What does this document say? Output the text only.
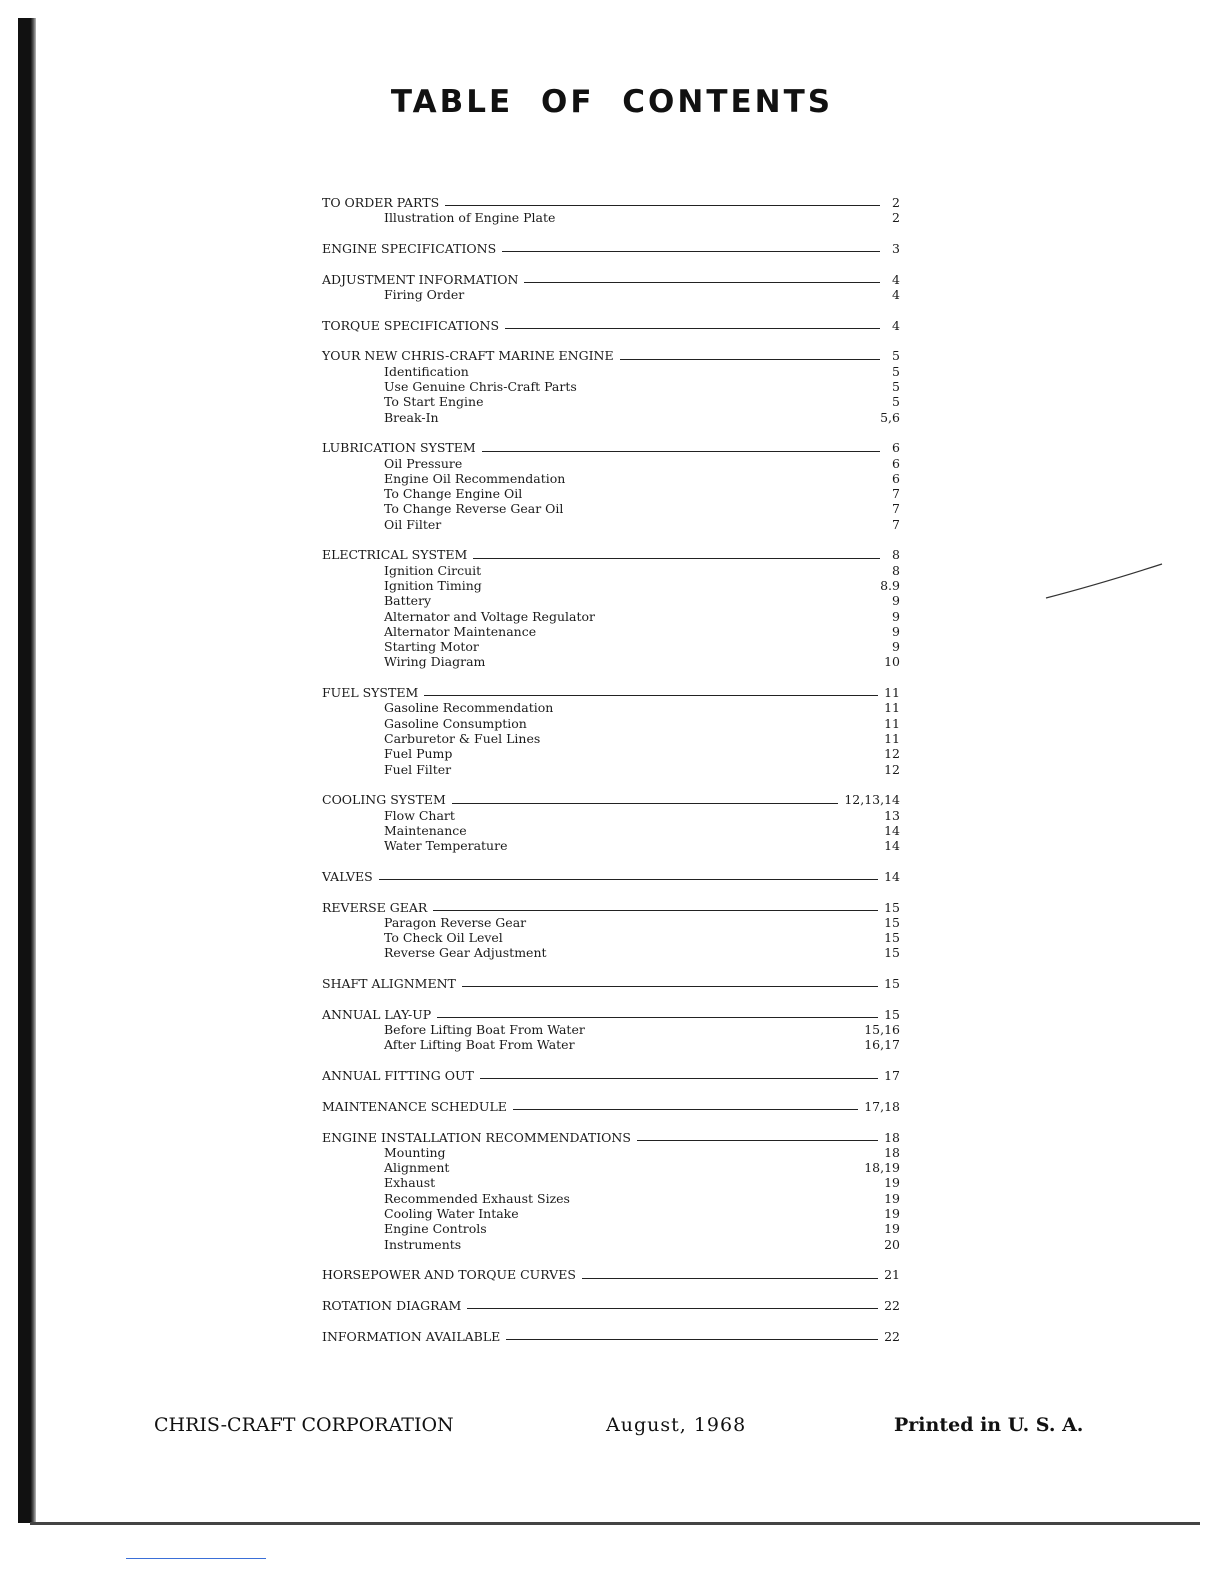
TABLE OF CONTENTS
TO ORDER PARTS	2
Illustration of Engine Plate	2
ENGINE SPECIFICATIONS	3
ADJUSTMENT INFORMATION	4
Firing Order	4
TORQUE SPECIFICATIONS	4
YOUR NEW CHRIS-CRAFT MARINE ENGINE	5
Identification	5
Use Genuine Chris-Craft Parts	5
To Start Engine	5
Break-In	5,6
LUBRICATION SYSTEM	6
Oil Pressure	6
Engine Oil Recommendation	6
To Change Engine Oil	7
To Change Reverse Gear Oil	7
Oil Filter	7
ELECTRICAL SYSTEM	8
Ignition Circuit	8
Ignition Timing	8.9
Battery	9
Alternator and Voltage Regulator	9
Alternator Maintenance	9
Starting Motor	9
Wiring Diagram	10
FUEL SYSTEM	11
Gasoline Recommendation	11
Gasoline Consumption	11
Carburetor & Fuel Lines	11
Fuel Pump	12
Fuel Filter	12
COOLING SYSTEM	12,13,14
Flow Chart	13
Maintenance	14
Water Temperature	14
VALVES	14
REVERSE GEAR	15
Paragon Reverse Gear	15
To Check Oil Level	15
Reverse Gear Adjustment	15
SHAFT ALIGNMENT	15
ANNUAL LAY-UP	15
Before Lifting Boat From Water	15,16
After Lifting Boat From Water	16,17
ANNUAL FITTING OUT	17
MAINTENANCE SCHEDULE	17,18
ENGINE INSTALLATION RECOMMENDATIONS	18
Mounting	18
Alignment	18,19
Exhaust	19
Recommended Exhaust Sizes	19
Cooling Water Intake	19
Engine Controls	19
Instruments	20
HORSEPOWER AND TORQUE CURVES	21
ROTATION DIAGRAM	22
INFORMATION AVAILABLE	22
CHRIS-CRAFT CORPORATION	August, 1968	Printed in U. S. A.
